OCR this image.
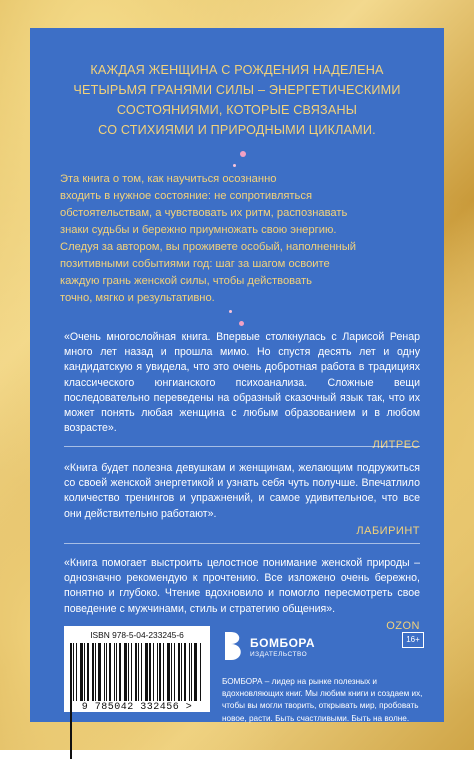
КАЖДАЯ ЖЕНЩИНА С РОЖДЕНИЯ НАДЕЛЕНА
ЧЕТЫРЬМЯ ГРАНЯМИ СИЛЫ – ЭНЕРГЕТИЧЕСКИМИ
СОСТОЯНИЯМИ, КОТОРЫЕ СВЯЗАНЫ
СО СТИХИЯМИ И ПРИРОДНЫМИ ЦИКЛАМИ.

Эта книга о том, как научиться осознанно

входить в нужное состояние: не сопротивляться

обстоятельствам, а чувствовать их ритм, распознавать

знаки судьбы и бережно приумножать свою энергию.

Следуя за автором, вы проживете особый, наполненный

позитивными событиями год: шаг за шагом освоите

каждую грань женской силы, чтобы действовать

точно, мягко и результативно.

«Очень многослойная книга. Впервые столкнулась с Ларисой Ренар много лет назад и прошла мимо. Но спустя десять лет и одну кандидатскую я увидела, что это очень добротная работа в традициях классического юнгианского психоанализа. Сложные вещи последовательно переведены на образный сказочный язык так, что их может понять любая женщина с любым образованием и в любом возрасте».
«Книга будет полезна девушкам и женщинам, желающим подружиться со своей женской энергетикой и узнать себя чуть получше. Впечатлило количество тренингов и упражнений, и самое удивительное, что все они действительно работают».
ЛАБИРИНТ
«Книга помогает выстроить целостное понимание женской природы – однозначно рекомендую к прочтению. Все изложено очень бережно, понятно и глубоко. Чтение вдохновило и помогло пересмотреть свое поведение с мужчинами, стиль и стратегию общения».
OZON
ISBN 978-5-04-233245-6
9 785042 332456 >
БОМБОРА
ИЗДАТЕЛЬСТВО
16+
БОМБОРА – лидер на рынке полезных и вдохновляющих книг. Мы любим книги и создаем их, чтобы вы могли творить, открывать мир, пробовать новое, расти. Быть счастливыми. Быть на волне.
